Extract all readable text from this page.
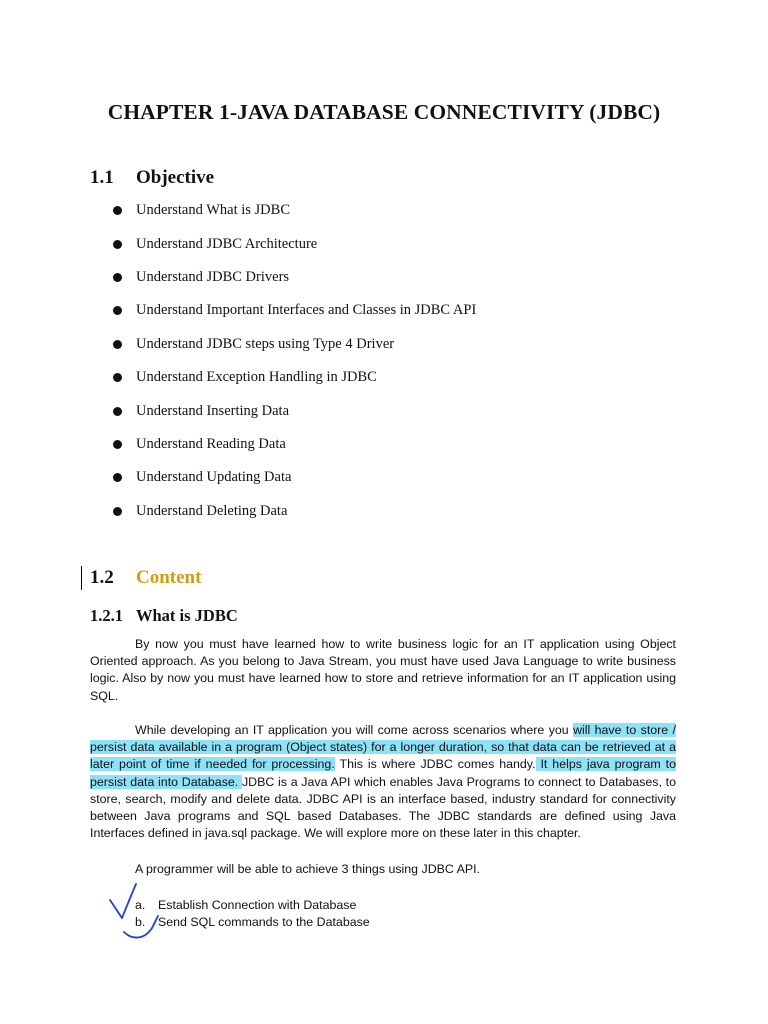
CHAPTER 1-JAVA DATABASE CONNECTIVITY (JDBC)
1.1 Objective
Understand What is JDBC
Understand JDBC Architecture
Understand JDBC Drivers
Understand Important Interfaces and Classes in JDBC API
Understand JDBC steps using Type 4 Driver
Understand Exception Handling in JDBC
Understand Inserting Data
Understand Reading Data
Understand Updating Data
Understand Deleting Data
1.2 Content
1.2.1 What is JDBC

By now you must have learned how to write business logic for an IT application using Object Oriented approach. As you belong to Java Stream, you must have used Java Language to write business logic. Also by now you must have learned how to store and retrieve information for an IT application using SQL.

While developing an IT application you will come across scenarios where you will have to store / persist data available in a program (Object states) for a longer duration, so that data can be retrieved at a later point of time if needed for processing. This is where JDBC comes handy. It helps java program to persist data into Database. JDBC is a Java API which enables Java Programs to connect to Databases, to store, search, modify and delete data. JDBC API is an interface based, industry standard for connectivity between Java programs and SQL based Databases. The JDBC standards are defined using Java Interfaces defined in java.sql package. We will explore more on these later in this chapter.

A programmer will be able to achieve 3 things using JDBC API.

a.	Establish Connection with Database
b.	Send SQL commands to the Database
